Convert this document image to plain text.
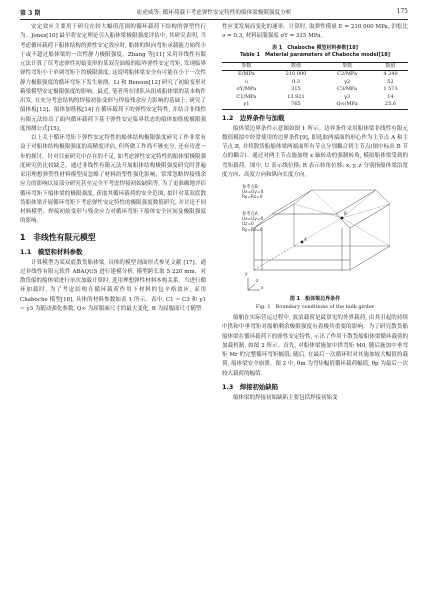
第 3 期	崔虎威等: 循环荷载下考虑弹性安定特性的船体梁极限强度分析	175

安定效应主要用于研究在较大幅值范围的循环载荷下结构的弹塑性行为。Jones[10] 最早将安定理论引入船体梁极限强度评估中, 其研究表明, 当考虑循环载荷下船体结构的弹性安定效应时, 船体的纵向弯矩承载能力始终小于或不超过船体梁的一次性静力极限强度。Zhang 等[11] 采用非线性有限元法计算了仅考虑弹性初始变形的某双壳油船的临界弹性安定弯矩, 发现临界弹性弯矩小于单调弯矩下的极限强度, 这说明船体梁安全有可能在小于一次性静力极限强度的循环弯矩下发生崩溃。Li 和 Benson[12] 研究了初始变形对箱梁模型安定极限强度的影响。最近, 笔者所在团队从组成船体梁的基本构件出发, 在充分考虑结构的焊接初始变形与焊接残余应力影响的基础上, 研究了船体板[13]、船体加筋板[14] 在循环载荷下的弹性安定特性, 并结合非线性有限元法给出了面内循环载荷下基于弹性安定临界状态的船体加筋板极限强度预测公式[15]。

以上关于循环弯矩下弹性安定特性的船体结构极限强度研究工作非常有益于对船体结构极限强度的高精度评估, 但所做工作尚不够充分, 还有待进一步的探讨。针对目前研究中存在的不足, 如考虑弹性安定特性的船体梁极限强度研究仍比较缺乏、通过非线性有限元法开展船体结构极限强度研究时普遍采用理想弹塑性材料模型而忽略了材料的塑性强化影响、常常忽略焊接残余应力的影响以及部分研究甚至完全不考虑焊接初始缺陷等, 为了更准确地评估循环弯矩下船体梁的极限强度, 获取其循环载荷的安全范围, 拟针对某双底散货船体梁开展循环弯矩下考虑弹性安定特性的极限强度数值研究, 并讨论不同材料模型、焊接初始变形与残余应力对循环弯矩下船体安全区间及极限强度的影响。

1　非线性有限元模型
1.1　模型和材料参数

计算模型为某双底散货船体梁, 具体的模型剖面形式参见文献 [17]。通过非线性有限元软件 ABAQUS 进行建模分析, 模型跨长取 5 220 mm。对散货船的船体梁进行单次加载计算时, 选用理想弹性材料本构关系。当进行循环加载时, 为了考虑结构在循环载荷作用下材料的包辛格效应, 采用 Chaboche 模型[18], 具体的材料参数如表 1 所示。表中, C1 ~ C3 和 γ1 ~ γ3 为随动强化参数, Q∞ 为屈服面尺寸的最大变化, B 为屈服面尺寸随塑

性应变发展而变化的速率。计算时, 取弹性模量 E = 210 000 MPa, 泊松比 υ = 0.3, 材料屈服强度 σY = 315 MPa。

表 1　Chaboche 模型材料参数[18]
Table 1　Material parameters of Chaboche model[18]
参数	数值	参数	数值
E/MPa	210 000	C2/MPa	4 240
υ	0.3	γ2	52
σY/MPa	315	C3/MPa	1 573
C1/MPa	13 921	γ3	14
γ1	765	Q∞/MPa	25.6
1.2　边界条件与加载

船体梁边界条件示意图如图 1 所示。边界条件采用船体梁非线性有限元数值模拟中经常使用的边界条件[9], 即选取两端面的形心作为主节点 A 和主节点 B, 并将散货船船体梁两端面所有节点分别耦合到主节点(图中标出 B 节点的耦合)。通过对两主节点施加绕 x 轴转动的强制转角, 模拟船体梁受到的弯矩载荷。图中, U 表示线位移; R 表示转角位移; x, y, z 分别指船体梁沿宽度方向、高度方向和纵向长度方向。

参考点B
Ux=Uy=0
Ry=Rz=0
参考点A
Ux=Uy=0
Uz=0
Ry=Rz=0
A
B
x
y
z
图 1　船体梁边界条件
Fig. 1　Boundary conditions of the bulk girder

船舶在实际营运过程中, 波浪载荷是最常见的外界载荷, 由其引起的持续中拱和中垂弯矩对船舶剩余极限强度有着极其重要的影响。为了研究散货船船体梁在循环载荷下的弹性安定特性, 示出了作用于散货船船体梁循环载荷的加载机制, 如图 2 所示。首先, 对船体梁施加中拱弯矩 M0, 随后施加中垂弯矩 Mr 的完整循环弯矩幅值; 随后, 在最后一次循环时对其施加较大幅值的载荷, 船体梁安全崩溃。图 2 中, θm 为弯矩幅值循环载荷幅值, θp 为最后一次较大载荷的幅值。

1.3　焊接初始缺陷

船体梁的焊接初始缺陷主要包括焊接初始变
